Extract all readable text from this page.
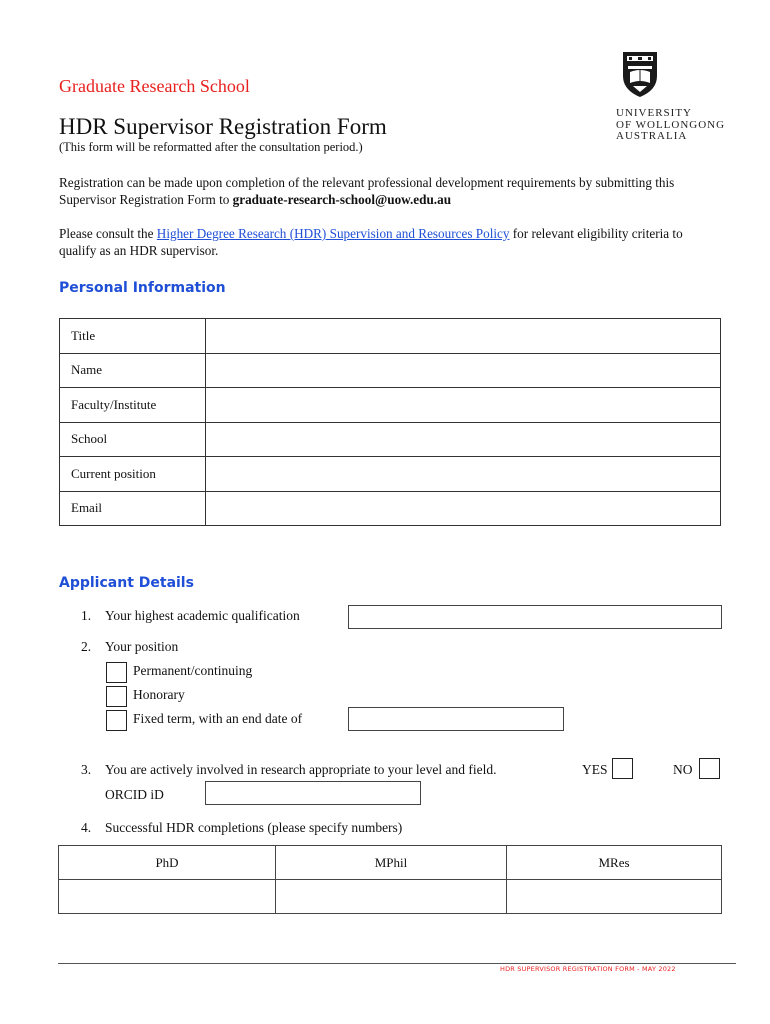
Graduate Research School
HDR Supervisor Registration Form
(This form will be reformatted after the consultation period.)
UNIVERSITY
OF WOLLONGONG
AUSTRALIA
Registration can be made upon completion of the relevant professional development requirements by submitting this Supervisor Registration Form to graduate-research-school@uow.edu.au
Please consult the Higher Degree Research (HDR) Supervision and Resources Policy for relevant eligibility criteria to qualify as an HDR supervisor.
Personal Information
Title	
Name	
Faculty/Institute	
School	
Current position	
Email	
Applicant Details
1. Your highest academic qualification
2. Your position
Permanent/continuing
Honorary
Fixed term, with an end date of
3. You are actively involved in research appropriate to your level and field.	YES	NO
ORCID iD
4. Successful HDR completions (please specify numbers)
PhD	MPhil	MRes

HDR SUPERVISOR REGISTRATION FORM - MAY 2022
